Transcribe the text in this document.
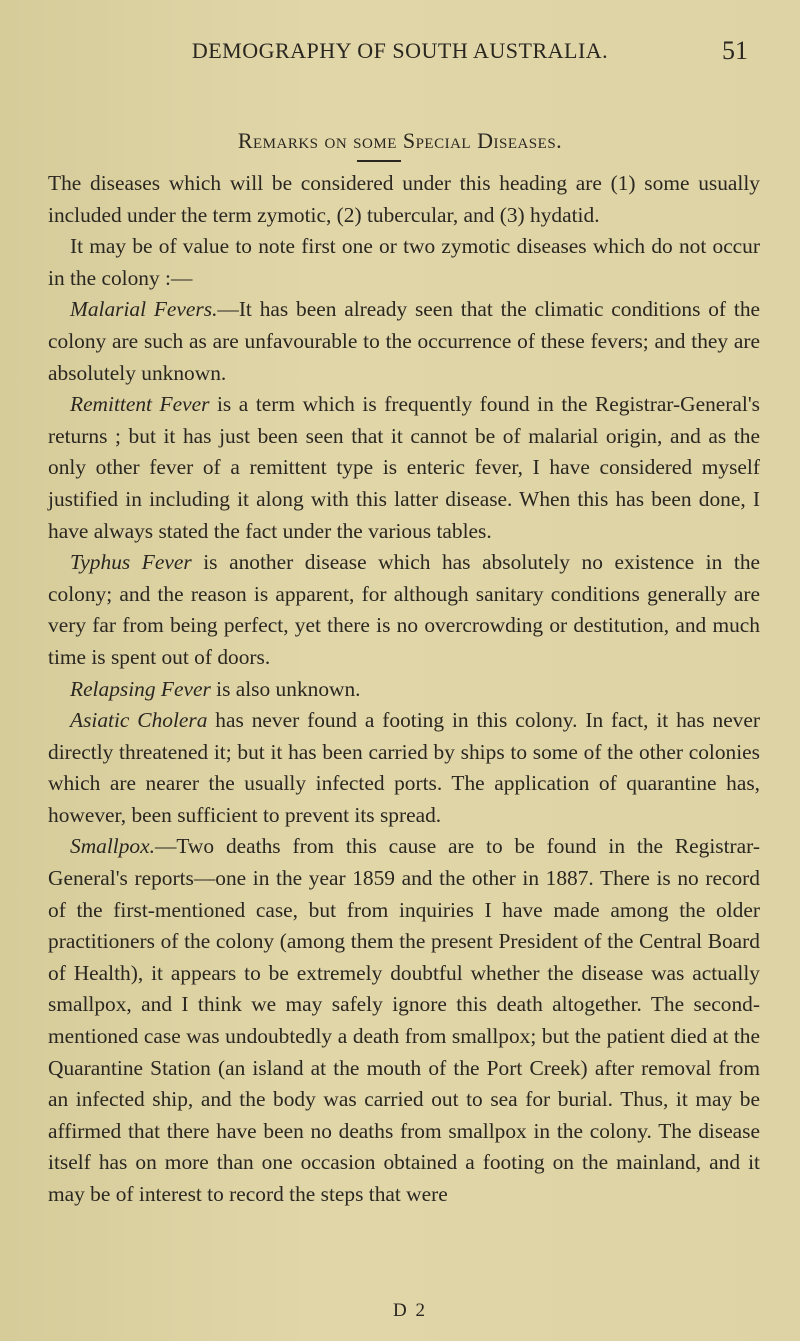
DEMOGRAPHY OF SOUTH AUSTRALIA.	51
Remarks on some Special Diseases.

The diseases which will be considered under this heading are (1) some usually included under the term zymotic, (2) tubercular, and (3) hydatid.

It may be of value to note first one or two zymotic diseases which do not occur in the colony :—

Malarial Fevers.—It has been already seen that the climatic conditions of the colony are such as are unfavourable to the occurrence of these fevers; and they are absolutely unknown.

Remittent Fever is a term which is frequently found in the Registrar-General's returns ; but it has just been seen that it cannot be of malarial origin, and as the only other fever of a remittent type is enteric fever, I have considered myself justified in including it along with this latter disease. When this has been done, I have always stated the fact under the various tables.

Typhus Fever is another disease which has absolutely no existence in the colony; and the reason is apparent, for although sanitary conditions generally are very far from being perfect, yet there is no overcrowding or destitution, and much time is spent out of doors.

Relapsing Fever is also unknown.

Asiatic Cholera has never found a footing in this colony. In fact, it has never directly threatened it; but it has been carried by ships to some of the other colonies which are nearer the usually infected ports. The application of quarantine has, however, been sufficient to prevent its spread.

Smallpox.—Two deaths from this cause are to be found in the Registrar-General's reports—one in the year 1859 and the other in 1887. There is no record of the first-mentioned case, but from inquiries I have made among the older practitioners of the colony (among them the present President of the Central Board of Health), it appears to be extremely doubtful whether the disease was actually smallpox, and I think we may safely ignore this death altogether. The second-mentioned case was undoubtedly a death from smallpox; but the patient died at the Quarantine Station (an island at the mouth of the Port Creek) after removal from an infected ship, and the body was carried out to sea for burial. Thus, it may be affirmed that there have been no deaths from smallpox in the colony. The disease itself has on more than one occasion obtained a footing on the mainland, and it may be of interest to record the steps that were

D 2
